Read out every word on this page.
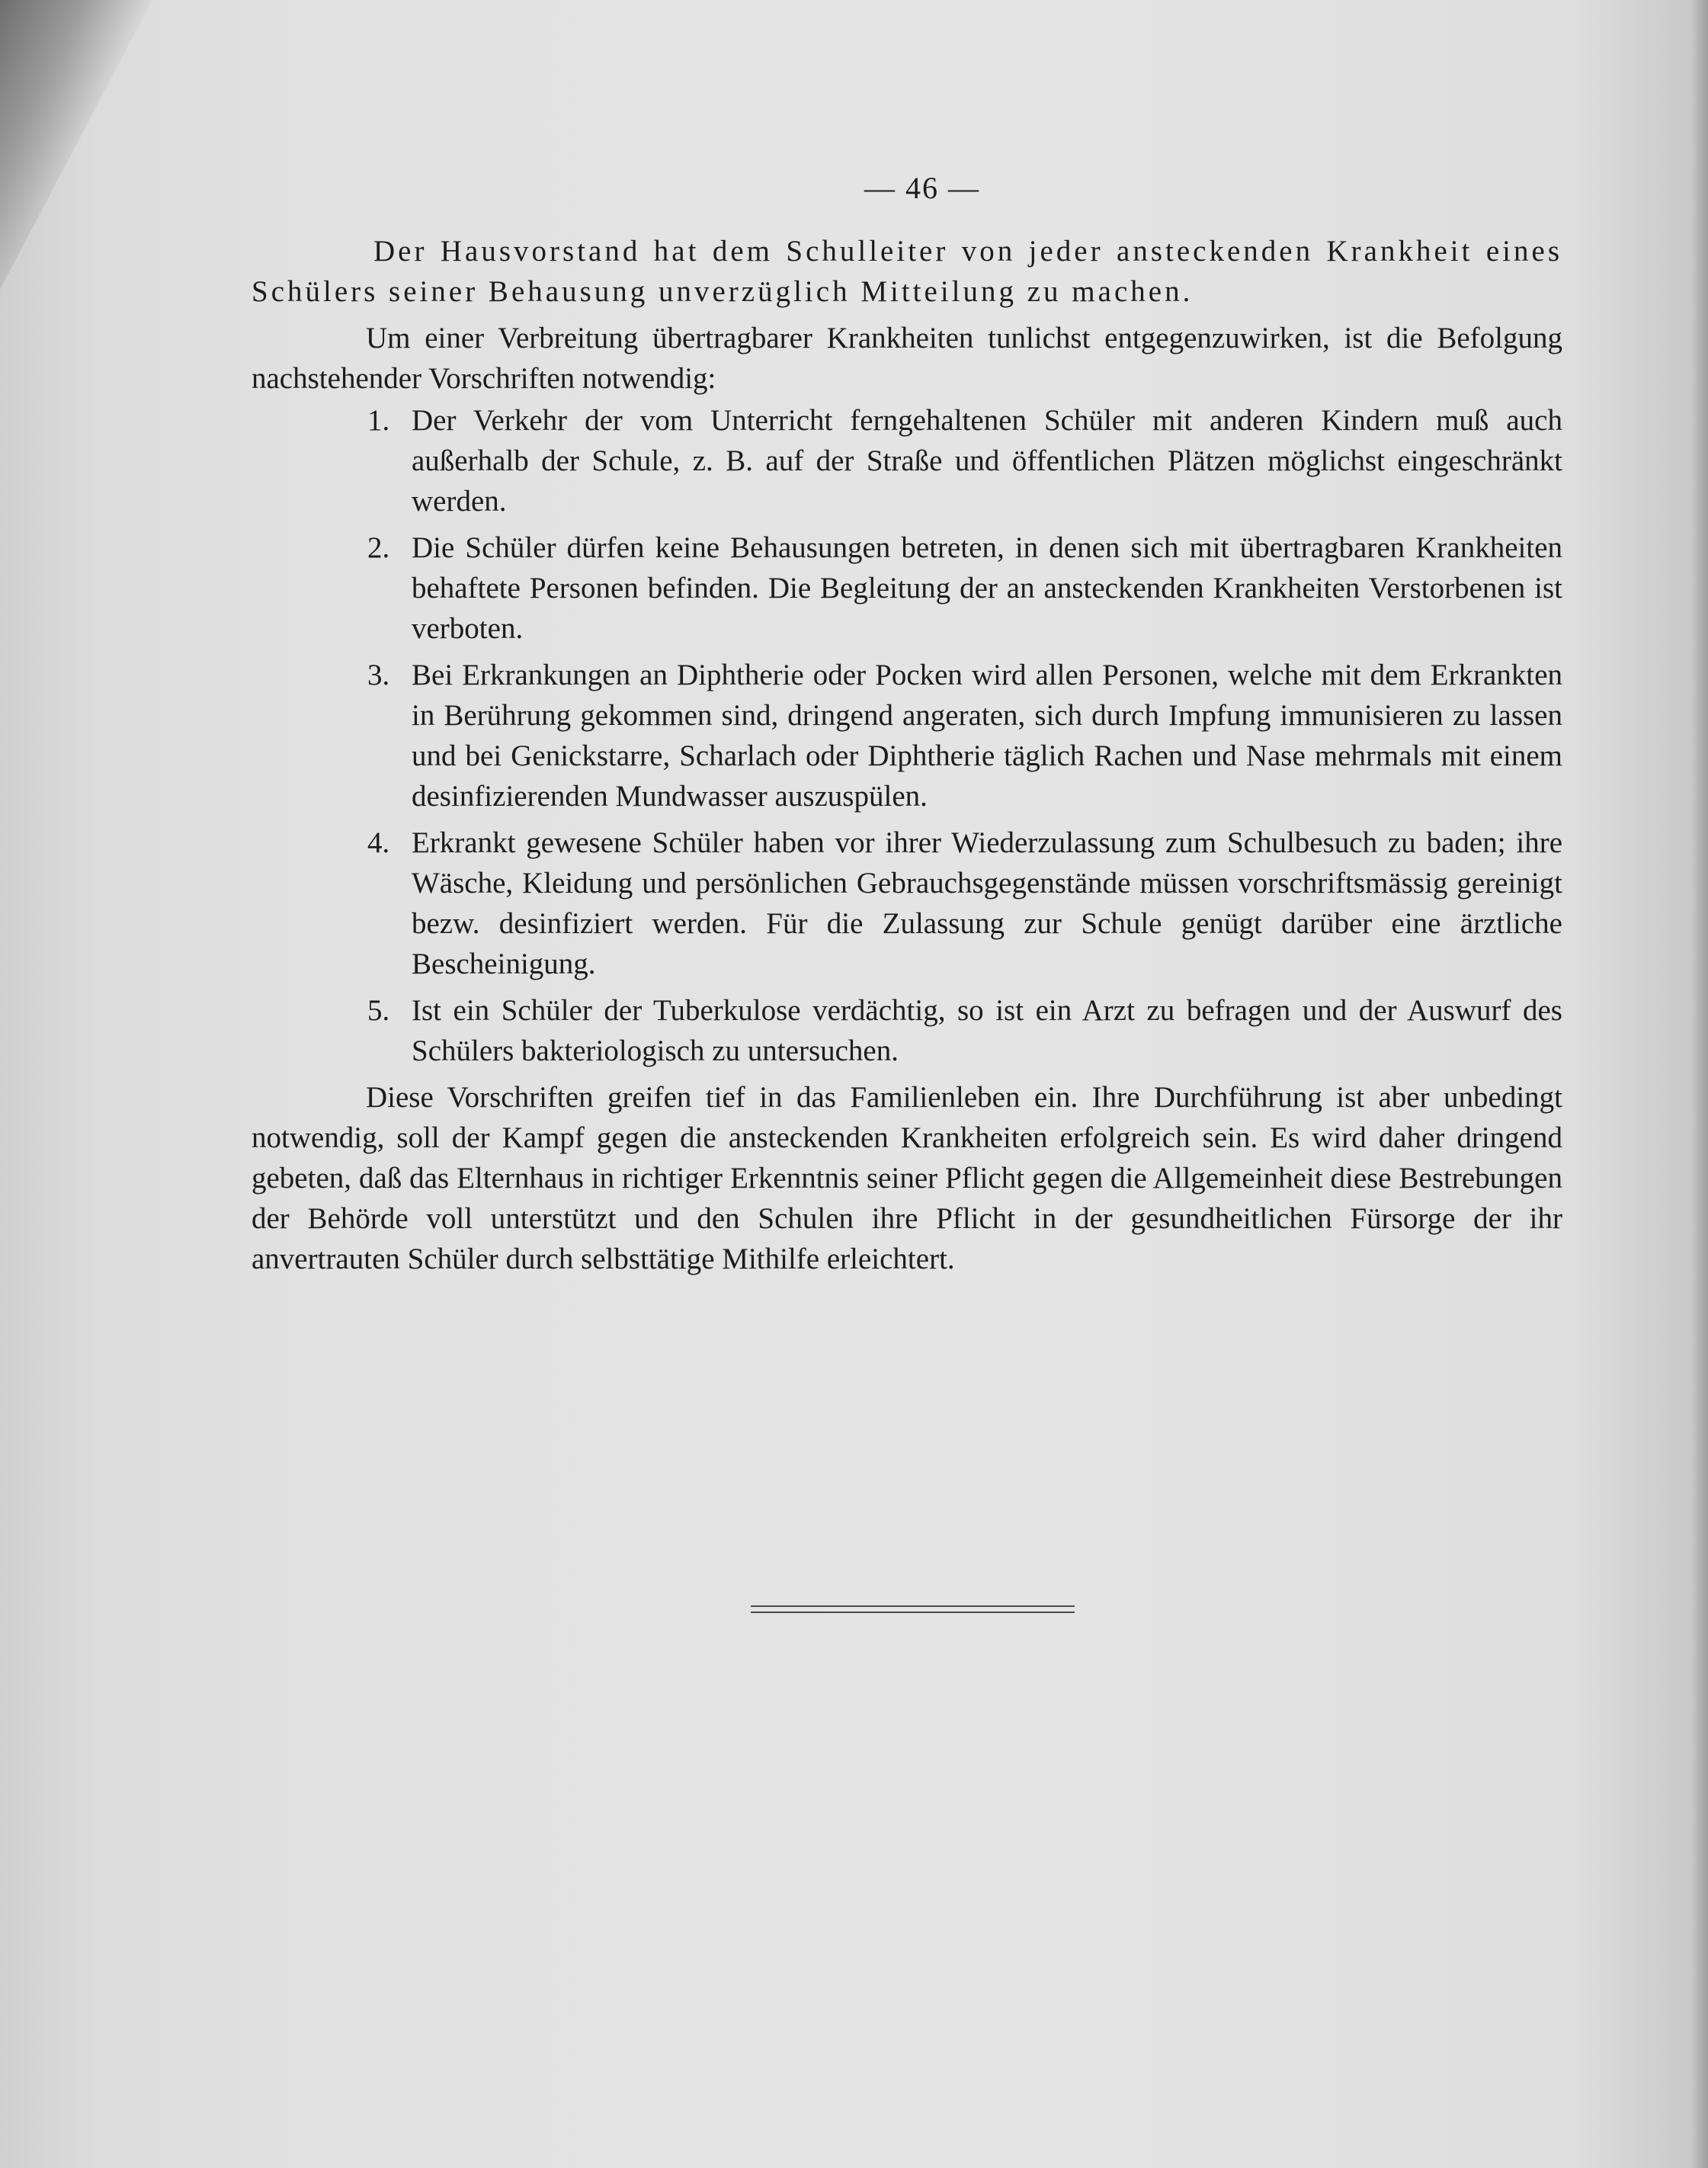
— 46 —

Der Hausvorstand hat dem Schulleiter von jeder ansteckenden Krankheit eines Schülers seiner Behausung unverzüglich Mitteilung zu machen.

Um einer Verbreitung übertragbarer Krankheiten tunlichst entgegenzuwirken, ist die Befolgung nachstehender Vorschriften notwendig:

1. Der Verkehr der vom Unterricht ferngehaltenen Schüler mit anderen Kindern muß auch außerhalb der Schule, z. B. auf der Straße und öffentlichen Plätzen möglichst eingeschränkt werden.
2. Die Schüler dürfen keine Behausungen betreten, in denen sich mit übertragbaren Krankheiten behaftete Personen befinden. Die Begleitung der an ansteckenden Krankheiten Verstorbenen ist verboten.
3. Bei Erkrankungen an Diphtherie oder Pocken wird allen Personen, welche mit dem Erkrankten in Berührung gekommen sind, dringend angeraten, sich durch Impfung immunisieren zu lassen und bei Genickstarre, Scharlach oder Diphtherie täglich Rachen und Nase mehrmals mit einem desinfizierenden Mundwasser auszuspülen.
4. Erkrankt gewesene Schüler haben vor ihrer Wiederzulassung zum Schulbesuch zu baden; ihre Wäsche, Kleidung und persönlichen Gebrauchsgegenstände müssen vorschriftsmässig gereinigt bezw. desinfiziert werden. Für die Zulassung zur Schule genügt darüber eine ärztliche Bescheinigung.
5. Ist ein Schüler der Tuberkulose verdächtig, so ist ein Arzt zu befragen und der Auswurf des Schülers bakteriologisch zu untersuchen.

Diese Vorschriften greifen tief in das Familienleben ein. Ihre Durchführung ist aber unbedingt notwendig, soll der Kampf gegen die ansteckenden Krankheiten erfolgreich sein. Es wird daher dringend gebeten, daß das Elternhaus in richtiger Erkenntnis seiner Pflicht gegen die Allgemeinheit diese Bestrebungen der Behörde voll unterstützt und den Schulen ihre Pflicht in der gesundheitlichen Fürsorge der ihr anvertrauten Schüler durch selbsttätige Mithilfe erleichtert.
